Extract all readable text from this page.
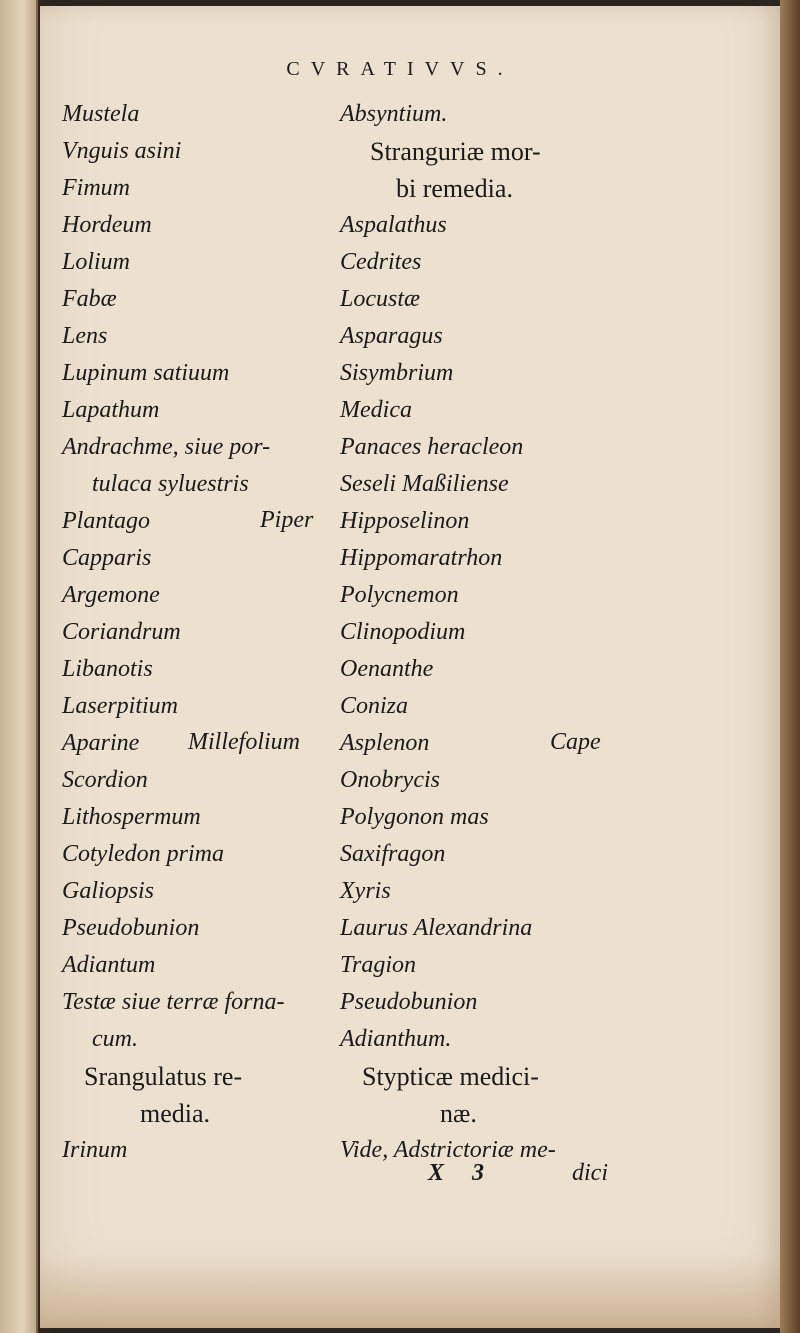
CVRATIVVS.
Mustela
Vnguis asini
Fimum
Hordeum
Lolium
Fabæ
Lens
Lupinum satiuum
Lapathum
Andrachme, siue por-
tulaca syluestris
Plantago	Piper
Capparis
Argemone
Coriandrum
Libanotis
Laserpitium
Aparine Millefolium
Scordion
Lithospermum
Cotyledon prima
Galiopsis
Pseudobunion
Adiantum
Testæ siue terræ forna-
cum.
Srangulatus re-
media.
Irinum
Absyntium.
Stranguriæ mor-
bi remedia.
Aspalathus
Cedrites
Locustæ
Asparagus
Sisymbrium
Medica
Panaces heracleon
Seseli Maßiliense
Hipposelinon
Hippomaratrhon
Polycnemon
Clinopodium
Oenanthe
Coniza
Asplenon	Cape
Onobrycis
Polygonon mas
Saxifragon
Xyris
Laurus Alexandrina
Tragion
Pseudobunion
Adianthum.
Stypticæ medici-
næ.
Vide, Adstrictoriæ me-
X 3	dici
